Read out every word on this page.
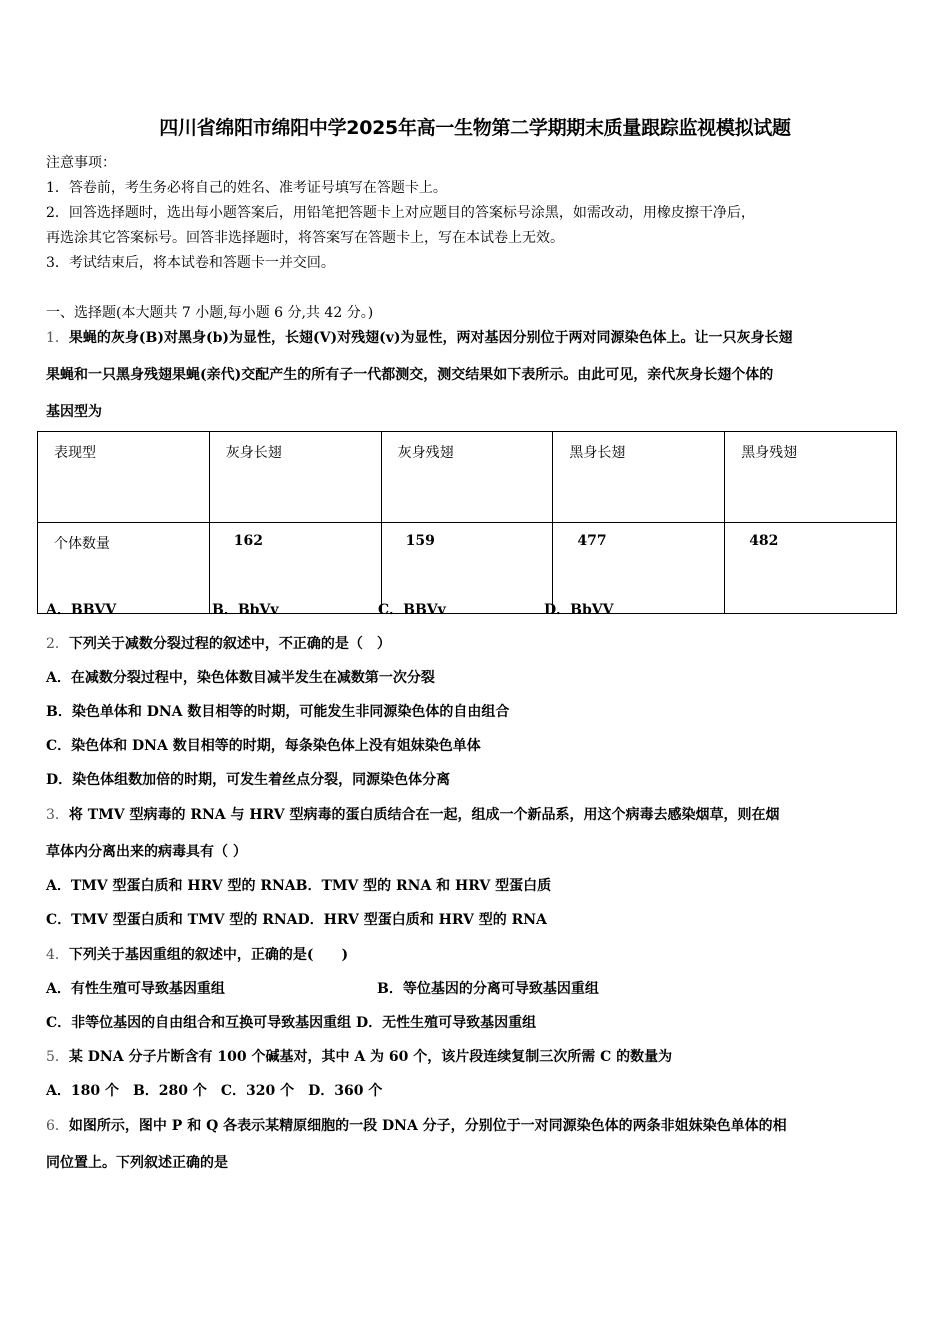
四川省绵阳市绵阳中学2025年高一生物第二学期期末质量跟踪监视模拟试题
注意事项：
1．答卷前，考生务必将自己的姓名、准考证号填写在答题卡上。
2．回答选择题时，选出每小题答案后，用铅笔把答题卡上对应题目的答案标号涂黑，如需改动，用橡皮擦干净后，
再选涂其它答案标号。回答非选择题时，将答案写在答题卡上，写在本试卷上无效。
3．考试结束后，将本试卷和答题卡一并交回。
一、选择题(本大题共 7 小题,每小题 6 分,共 42 分。)
1．果蝇的灰身(B)对黑身(b)为显性，长翅(V)对残翅(v)为显性，两对基因分别位于两对同源染色体上。让一只灰身长翅
果蝇和一只黑身残翅果蝇(亲代)交配产生的所有子一代都测交，测交结果如下表所示。由此可见，亲代灰身长翅个体的
基因型为
表现型	灰身长翅	灰身残翅	黑身长翅	黑身残翅
个体数量	162	159	477	482
A．BBVV	B．BbVv	C．BBVv	D．BbVV
2．下列关于减数分裂过程的叙述中，不正确的是（　）
A．在减数分裂过程中，染色体数目减半发生在减数第一次分裂
B．染色单体和 DNA 数目相等的时期，可能发生非同源染色体的自由组合
C．染色体和 DNA 数目相等的时期，每条染色体上没有姐妹染色单体
D．染色体组数加倍的时期，可发生着丝点分裂，同源染色体分离
3．将 TMV 型病毒的 RNA 与 HRV 型病毒的蛋白质结合在一起，组成一个新品系，用这个病毒去感染烟草，则在烟
草体内分离出来的病毒具有（ ）
A．TMV 型蛋白质和 HRV 型的 RNAB．TMV 型的 RNA 和 HRV 型蛋白质
C．TMV 型蛋白质和 TMV 型的 RNAD．HRV 型蛋白质和 HRV 型的 RNA
4．下列关于基因重组的叙述中，正确的是(　　)
A．有性生殖可导致基因重组	B．等位基因的分离可导致基因重组
C．非等位基因的自由组合和互换可导致基因重组 D．无性生殖可导致基因重组
5．某 DNA 分子片断含有 100 个碱基对，其中 A 为 60 个，该片段连续复制三次所需 C 的数量为
A．180 个　B．280 个　C．320 个　D．360 个
6．如图所示，图中 P 和 Q 各表示某精原细胞的一段 DNA 分子，分别位于一对同源染色体的两条非姐妹染色单体的相
同位置上。下列叙述正确的是
